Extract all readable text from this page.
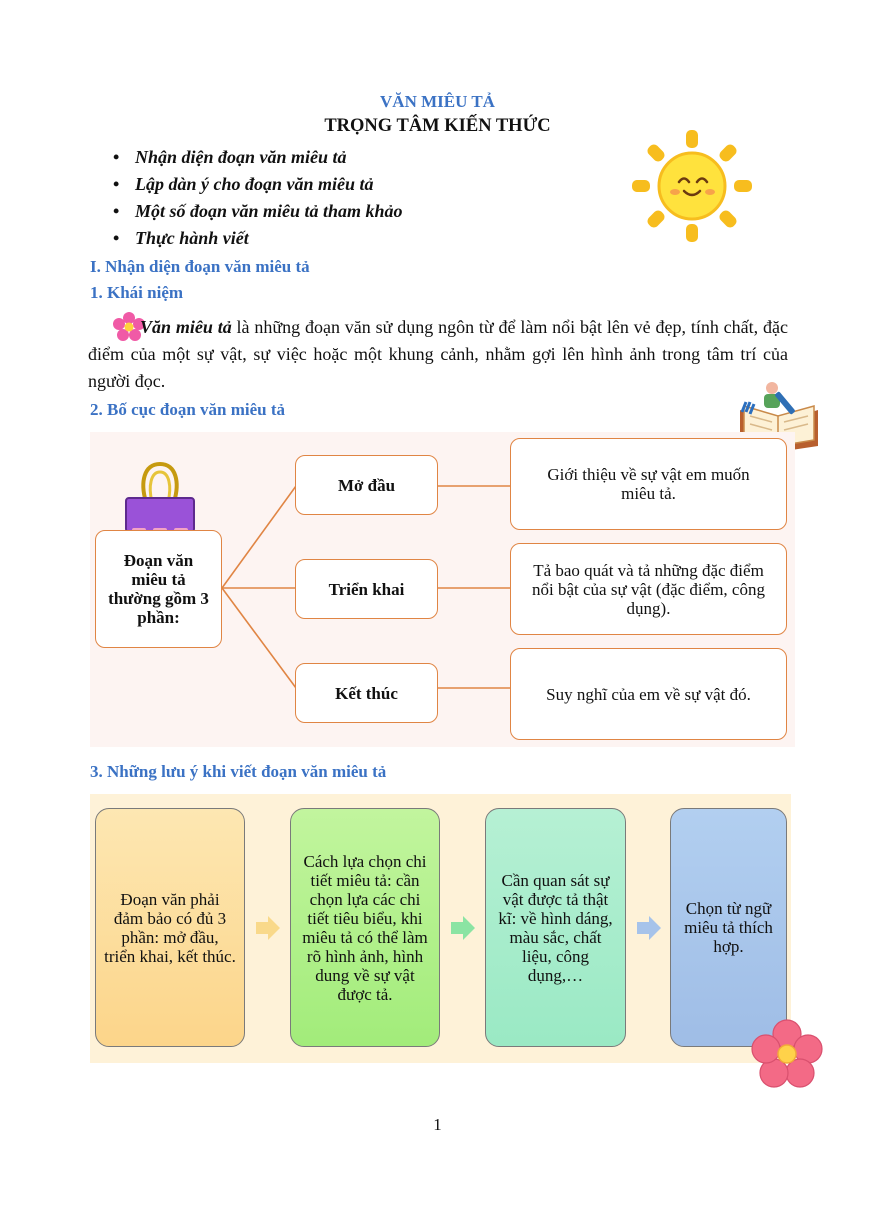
VĂN MIÊU TẢ
TRỌNG TÂM KIẾN THỨC
• Nhận diện đoạn văn miêu tả
• Lập dàn ý cho đoạn văn miêu tả
• Một số đoạn văn miêu tả tham khảo
• Thực hành viết
I. Nhận diện đoạn văn miêu tả
1. Khái niệm
Văn miêu tả là những đoạn văn sử dụng ngôn từ để làm nổi bật lên vẻ đẹp, tính chất, đặc điểm của một sự vật, sự việc hoặc một khung cảnh, nhằm gợi lên hình ảnh trong tâm trí của người đọc.
2. Bố cục đoạn văn miêu tả
Đoạn văn miêu tả thường gồm 3 phần:
Mở đầu
Triển khai
Kết thúc
Giới thiệu về sự vật em muốn miêu tả.
Tả bao quát và tả những đặc điểm nổi bật của sự vật (đặc điểm, công dụng).
Suy nghĩ của em về sự vật đó.
3. Những lưu ý khi viết đoạn văn miêu tả
Đoạn văn phải đảm bảo có đủ 3 phần: mở đầu, triển khai, kết thúc.
Cách lựa chọn chi tiết miêu tả: cần chọn lựa các chi tiết tiêu biểu, khi miêu tả có thể làm rõ hình ảnh, hình dung về sự vật được tả.
Cần quan sát sự vật được tả thật kĩ: về hình dáng, màu sắc, chất liệu, công dụng,…
Chọn từ ngữ miêu tả thích hợp.
1
